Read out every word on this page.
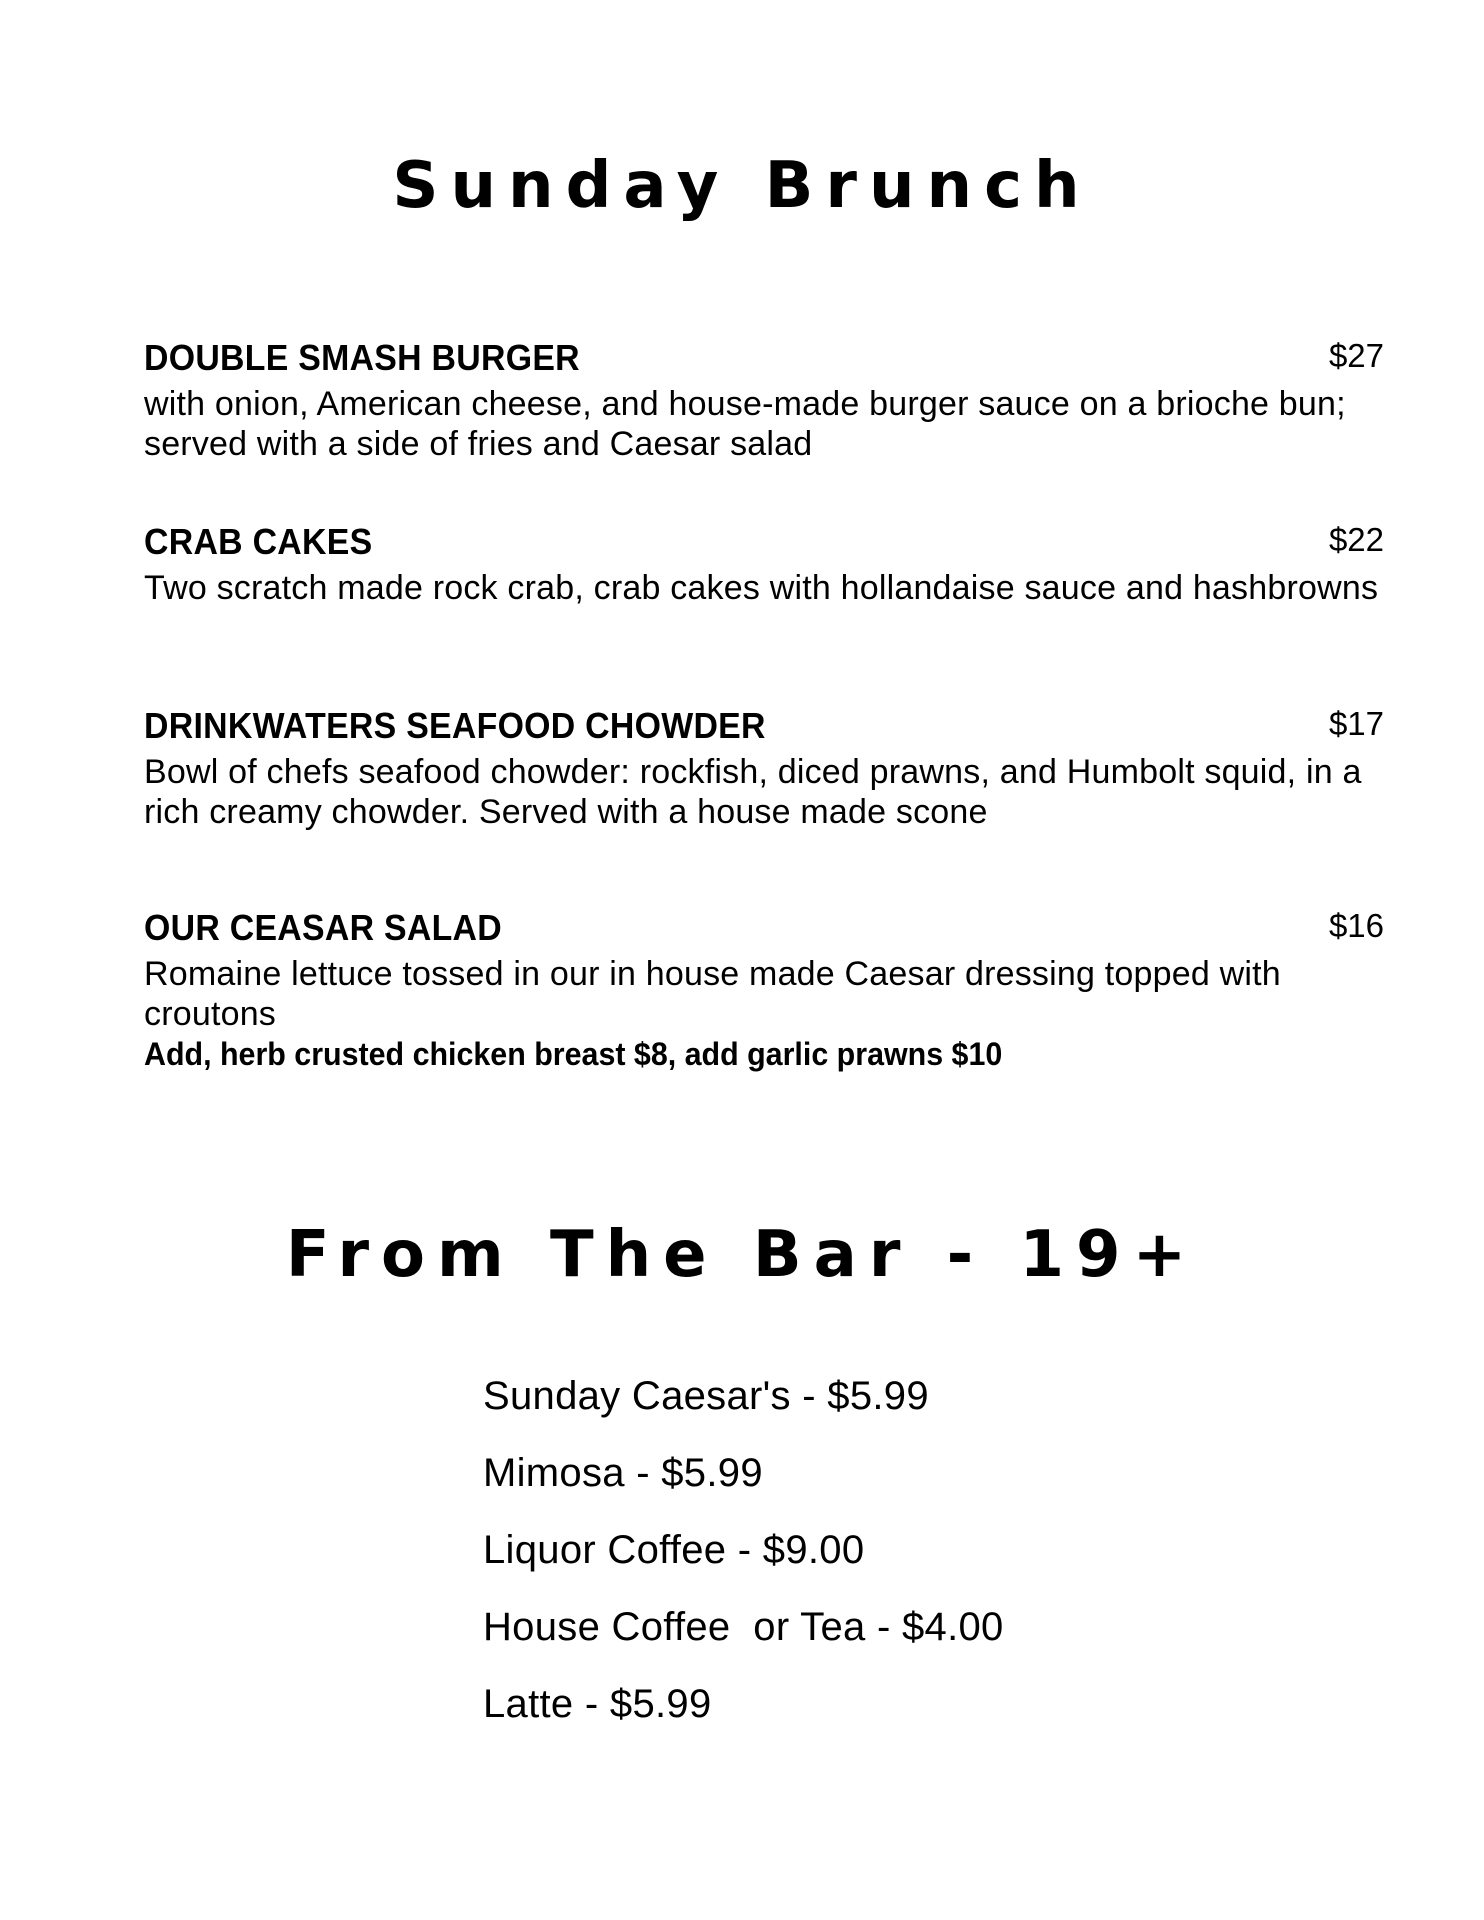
Sunday Brunch
DOUBLE SMASH BURGER	$27
with onion, American cheese, and house-made burger sauce on a brioche bun; served with a side of fries and Caesar salad
CRAB CAKES	$22
Two scratch made rock crab, crab cakes with hollandaise sauce and hashbrowns
DRINKWATERS SEAFOOD CHOWDER	$17
Bowl of chefs seafood chowder: rockfish, diced prawns, and Humbolt squid, in a rich creamy chowder. Served with a house made scone
OUR CEASAR SALAD	$16
Romaine lettuce tossed in our in house made Caesar dressing topped with croutons
Add, herb crusted chicken breast $8, add garlic prawns $10
From The Bar - 19+
Sunday Caesar's - $5.99
Mimosa - $5.99
Liquor Coffee - $9.00
House Coffee  or Tea - $4.00
Latte - $5.99
